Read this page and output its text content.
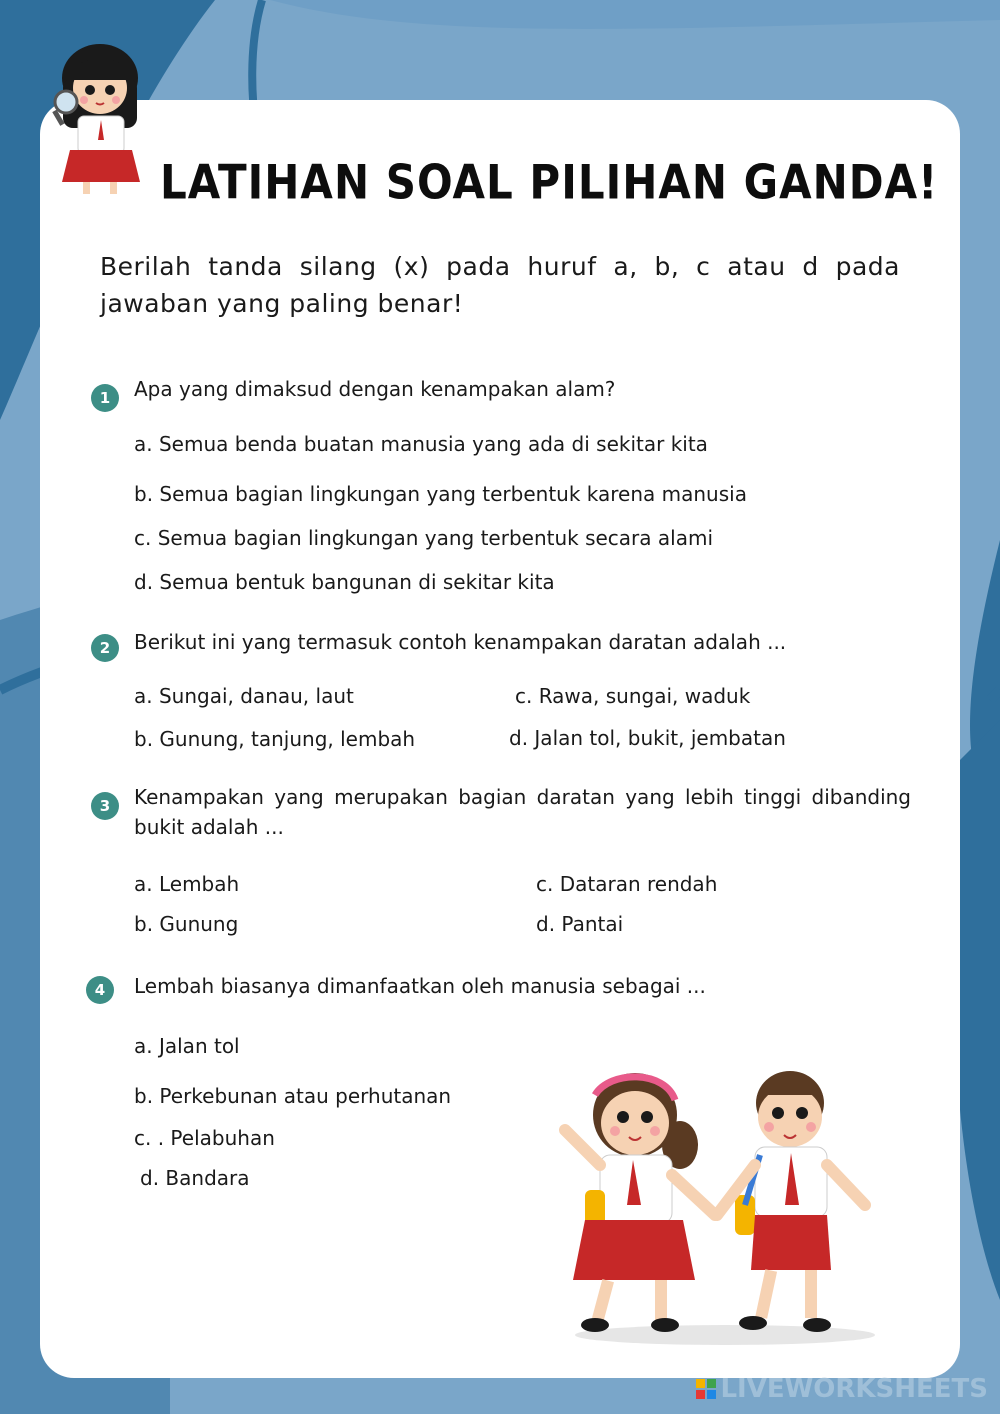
LATIHAN SOAL PILIHAN GANDA!
Berilah tanda silang (x) pada huruf a, b, c atau d pada jawaban yang paling benar!
1	Apa yang dimaksud dengan kenampakan alam?
a. Semua benda buatan manusia yang ada di sekitar kita
b. Semua bagian lingkungan yang terbentuk karena manusia
c. Semua bagian lingkungan yang terbentuk secara alami
d. Semua bentuk bangunan di sekitar kita
2	Berikut ini yang termasuk contoh kenampakan daratan adalah ...
a. Sungai, danau, laut	c. Rawa, sungai, waduk
b. Gunung, tanjung, lembah	d. Jalan tol, bukit, jembatan
3	Kenampakan yang merupakan bagian daratan yang lebih tinggi dibanding bukit adalah ...
a. Lembah	c. Dataran rendah
b. Gunung	d. Pantai
4	Lembah biasanya dimanfaatkan oleh manusia sebagai ...
a. Jalan tol
b. Perkebunan atau perhutanan
c. . Pelabuhan
d. Bandara
LIVEWORKSHEETS
